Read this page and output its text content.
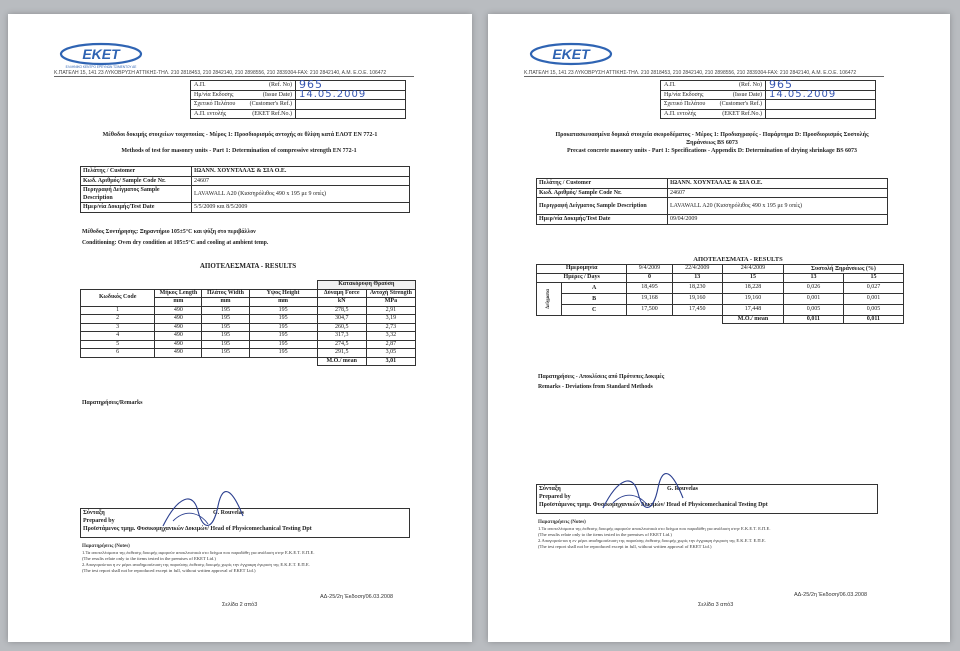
EKET
ΕΛΛΗΝΙΚΟ ΚΕΝΤΡΟ ΕΡΕΥΝΩΝ ΤΣΙΜΕΝΤΟΥ ΑΕ
Κ.ΠΑΤΕΛΗ 15, 141 23 ΛΥΚΟΒΡΥΣΗ ΑΤΤΙΚΗΣ-ΤΗΛ. 210 2818453, 210 2842140, 210 2898556, 210 2839304-FAX: 210 2842140, A.M. E.O.E. 106472
Α.Π. (Ref. No)	965
Ημ/νία Εκδοσης (Issue Date)	14.05.2009
Σχετικό Πελάτου (Customer's Ref.)	

Α.Π. εντολής (EKET Ref.No.)	

Μέθοδοι δοκιμής στοιχείων τοιχοποιίας - Μέρος 1: Προσδιορισμός αντοχής σε θλίψη κατά ΕΛΟΤ ΕΝ 772-1
Methods of test for masonry units - Part 1: Determination of compressive strength EN 772-1
Πελάτης / Customer	ΙΩΑΝΝ. ΧΟΥΝΤΑΛΑΣ & ΣΙΑ Ο.Ε.
Κωδ. Αριθμός/ Sample Code Nr.	24607
Περιγραφή Δείγματος Sample Description	LAVAWALL A20 (Κισσηρόλιθος 490 x 195 με 9 οπές)
Ημερ/νία Δοκιμής/Test Date	5/5/2009 και 8/5/2009
Μέθοδος Συντήρησης: Ξηραντήριο 105±5°C και ψύξη στο περιβάλλον
Conditioning: Oven dry condition at 105±5°C and cooling at ambient temp.
ΑΠΟΤΕΛΕΣΜΑΤΑ - RESULTS
				Κατακόρυφη Θραύση	
Κωδικός Code	Μήκος Length	Πλάτος Width	Υψος Height	Δύναμη Force	Αντοχή Strength
	mm	mm	mm	kN	MPa
1	490	195	195	278,5	2,91
2	490	195	195	304,7	3,19
3	490	195	195	260,5	2,73
4	490	195	195	317,3	3,32
5	490	195	195	274,5	2,87
6	490	195	195	291,5	3,05
				M.O./ mean	3,01
Παρατηρήσεις/Remarks
Σύνταξη	G. Rouvelas
Prepared by
Προϊστάμενος τμημ. Φυσικομηχανικών Δοκιμών/ Head of Physicomechanical Testing Dpt
Παρατηρήσεις (Notes)
1.Τα αποτελέσματα της έκθεσης δοκιμής αφορούν αποκλειστικά στο δείγμα που παραδόθη για ανάλυση στην Ε.Κ.Ε.Τ. Ε.Π.Ε.
(The results relate only to the items tested in the premises of EKET Ltd.)
2.Απαγορεύεται η εν μέρει αναδημοσίευση της παρούσης έκθεσης δοκιμής χωρίς την έγγραφη έγκριση της Ε.Κ.Ε.Τ. Ε.Π.Ε.
(The test report shall not be reproduced except in full, without written approval of EKET Ltd.)
ΑΔ-25/2η Έκδοση/06.03.2008
Σελίδα 2 από3
EKET
Κ.ΠΑΤΕΛΗ 15, 141 23 ΛΥΚΟΒΡΥΣΗ ΑΤΤΙΚΗΣ-ΤΗΛ. 210 2818453, 210 2842140, 210 2898556, 210 2839304-FAX: 210 2842140, A.M. E.O.E. 106472
Α.Π. (Ref. No)	965
Ημ/νία Εκδοσης (Issue Date)	14.05.2009
Σχετικό Πελάτου (Customer's Ref.)	

Α.Π. εντολής (EKET Ref.No.)	

Προκατασκευασμένα δομικά στοιχεία σκυροδέματος - Μέρος 1: Προδιαγραφές - Παράρτημα D: Προσδιορισμός Συστολής Ξηράνσεως BS 6073
Precast concrete masonry units - Part 1: Specifications - Appendix D: Determination of drying shrinkage BS 6073
Πελάτης / Customer	ΙΩΑΝΝ. ΧΟΥΝΤΑΛΑΣ & ΣΙΑ Ο.Ε.
Κωδ. Αριθμός/ Sample Code Nr.	24607
Περιγραφή Δείγματος Sample Description	LAVAWALL A20 (Κισσηρόλιθος 490 x 195 με 9 οπές)
Ημερ/νία Δοκιμής/Test Date	09/04/2009
ΑΠΟΤΕΛΕΣΜΑΤΑ - RESULTS
Ημερομηνία		9/4/2009	22/4/2009	24/4/2009	Συστολή Ξηράνσεως (%)	
Ημέρες / Days		0	13	15	13	15
Δείγματα	A	18,495	18,230	18,228	0,026	0,027
	B	19,168	19,160	19,160	0,001	0,001
	C	17,500	17,450	17,448	0,005	0,005
				M.O./ mean	0,011	0,011
Παρατηρήσεις - Αποκλίσεις από Πρότυπες Δοκιμές
Remarks - Deviations from Standard Methods
Σύνταξη	G. Rouvelas
Prepared by
Προϊστάμενος τμημ. Φυσικομηχανικών Δοκιμών/ Head of Physicomechanical Testing Dpt
Παρατηρήσεις (Notes)
1.Τα αποτελέσματα της έκθεσης δοκιμής αφορούν αποκλειστικά στο δείγμα που παραδόθη για ανάλυση στην Ε.Κ.Ε.Τ. Ε.Π.Ε.
(The results relate only to the items tested in the premises of EKET Ltd.)
2.Απαγορεύεται η εν μέρει αναδημοσίευση της παρούσης έκθεσης δοκιμής χωρίς την έγγραφη έγκριση της Ε.Κ.Ε.Τ. Ε.Π.Ε.
(The test report shall not be reproduced except in full, without written approval of EKET Ltd.)
ΑΔ-25/2η Έκδοση/06.03.2008
Σελίδα 3 από3
